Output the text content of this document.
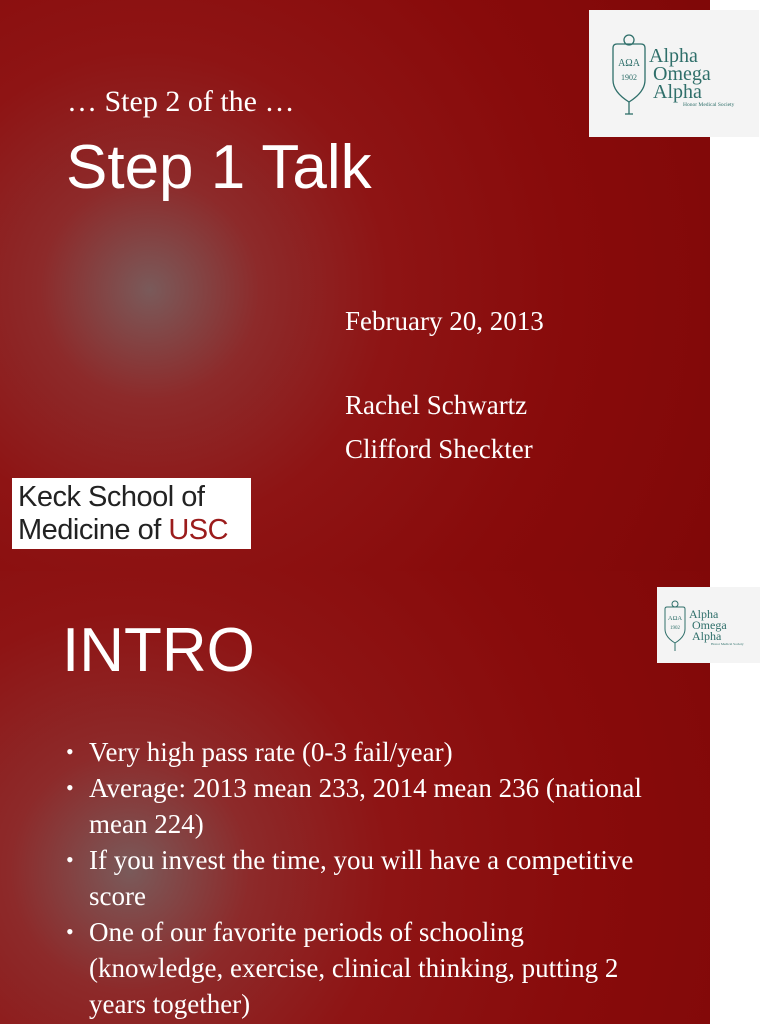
… Step 2 of the …
Step 1 Talk
February 20, 2013
Rachel Schwartz
Clifford Sheckter
Keck School of
Medicine of USC
INTRO
• Very high pass rate (0-3 fail/year)
• Average: 2013 mean 233, 2014 mean 236 (national mean 224)
• If you invest the time, you will have a competitive score
• One of our favorite periods of schooling (knowledge, exercise, clinical thinking, putting 2 years together)
ΑΩΑ
1902
Alpha
Omega
Alpha
Honor Medical Society
ΑΩΑ
1902
Alpha
Omega
Alpha
Honor Medical Society
